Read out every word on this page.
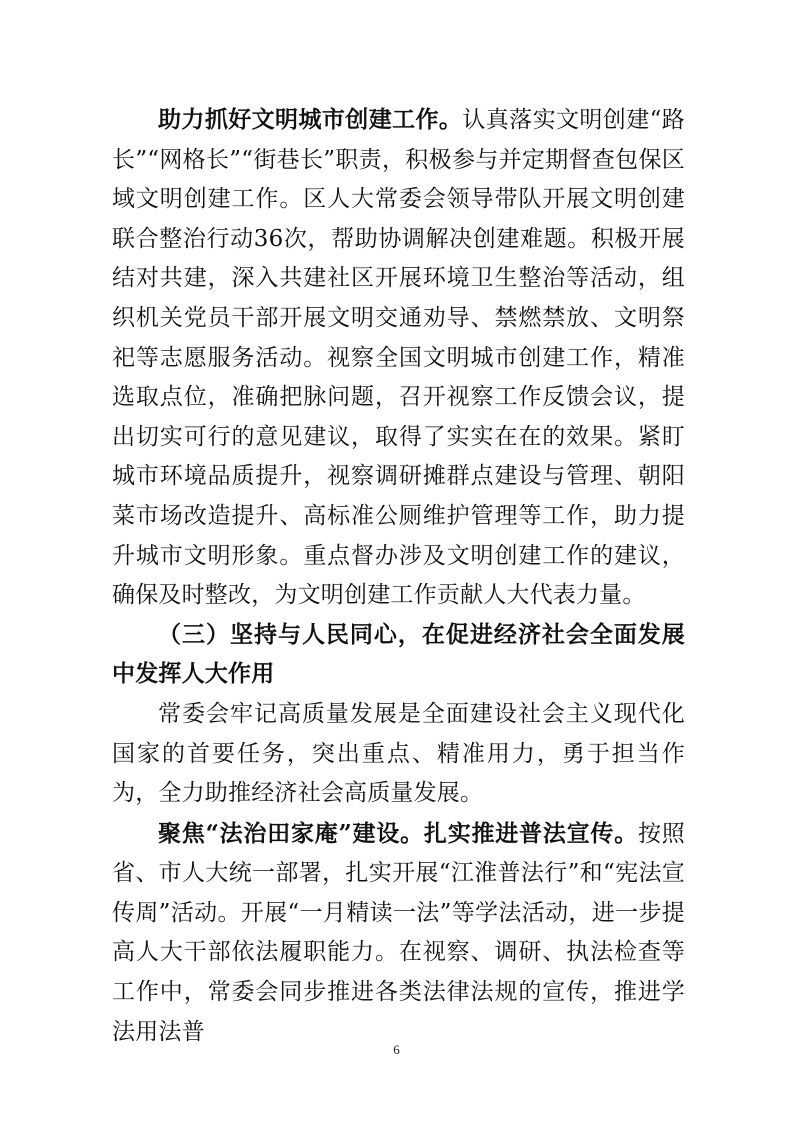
助力抓好文明城市创建工作。认真落实文明创建“路长”“网格长”“街巷长”职责，积极参与并定期督查包保区域文明创建工作。区人大常委会领导带队开展文明创建联合整治行动36次，帮助协调解决创建难题。积极开展结对共建，深入共建社区开展环境卫生整治等活动，组织机关党员干部开展文明交通劝导、禁燃禁放、文明祭祀等志愿服务活动。视察全国文明城市创建工作，精准选取点位，准确把脉问题，召开视察工作反馈会议，提出切实可行的意见建议，取得了实实在在的效果。紧盯城市环境品质提升，视察调研摊群点建设与管理、朝阳菜市场改造提升、高标准公厕维护管理等工作，助力提升城市文明形象。重点督办涉及文明创建工作的建议，确保及时整改，为文明创建工作贡献人大代表力量。

（三）坚持与人民同心，在促进经济社会全面发展中发挥人大作用

常委会牢记高质量发展是全面建设社会主义现代化国家的首要任务，突出重点、精准用力，勇于担当作为，全力助推经济社会高质量发展。

聚焦“法治田家庵”建设。扎实推进普法宣传。按照省、市人大统一部署，扎实开展“江淮普法行”和“宪法宣传周”活动。开展“一月精读一法”等学法活动，进一步提高人大干部依法履职能力。在视察、调研、执法检查等工作中，常委会同步推进各类法律法规的宣传，推进学法用法普

6
